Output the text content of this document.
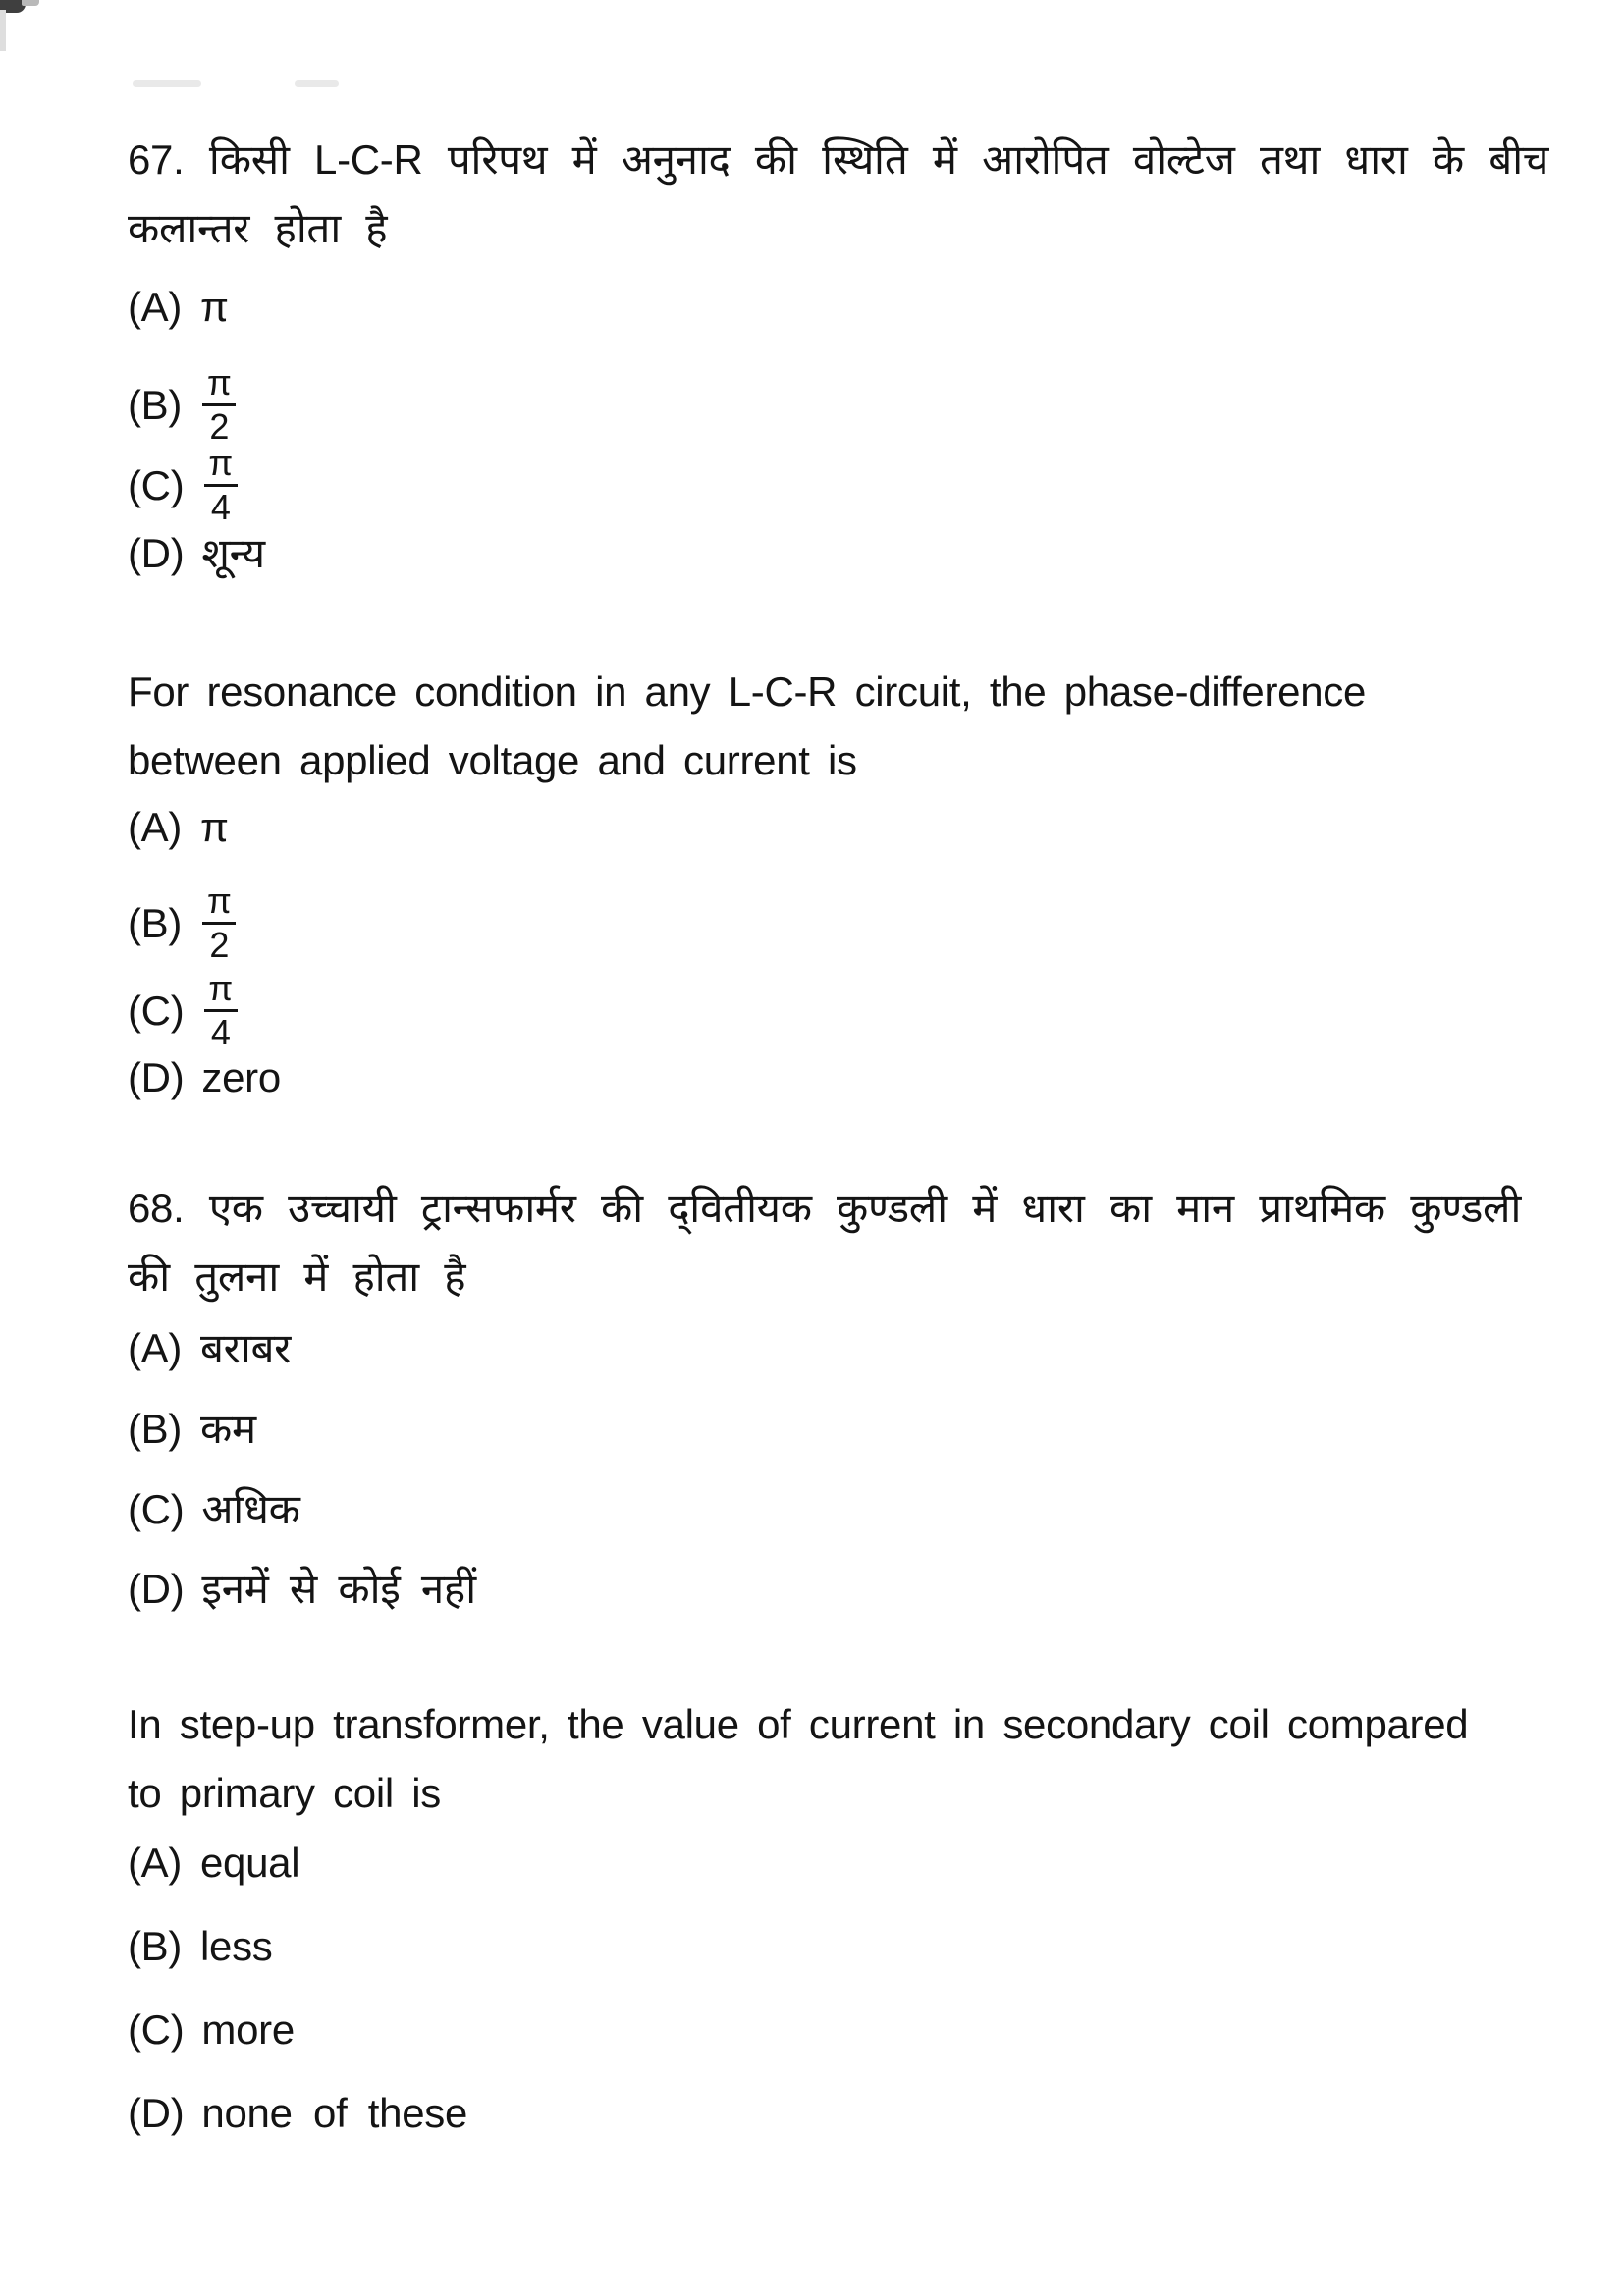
67. किसी L-C-R परिपथ में अनुनाद की स्थिति में आरोपित वोल्टेज तथा धारा के बीच
कलान्तर होता है
(A) π
$(B) \frac{\pi}{2}$
$(C) \frac{\pi}{4}$
(D) शून्य
For resonance condition in any L-C-R circuit, the phase-difference
between applied voltage and current is
(A) π
$(B) \frac{\pi}{2}$
$(C) \frac{\pi}{4}$
(D) zero
68. एक उच्चायी ट्रान्सफार्मर की द्‌वितीयक कुण्डली में धारा का मान प्राथमिक कुण्डली
की तुलना में होता है
(A) बराबर
(B) कम
(C) अधिक
(D) इनमें से कोई नहीं
In step-up transformer, the value of current in secondary coil compared
to primary coil is
(A) equal
(B) less
(C) more
(D) none of these
